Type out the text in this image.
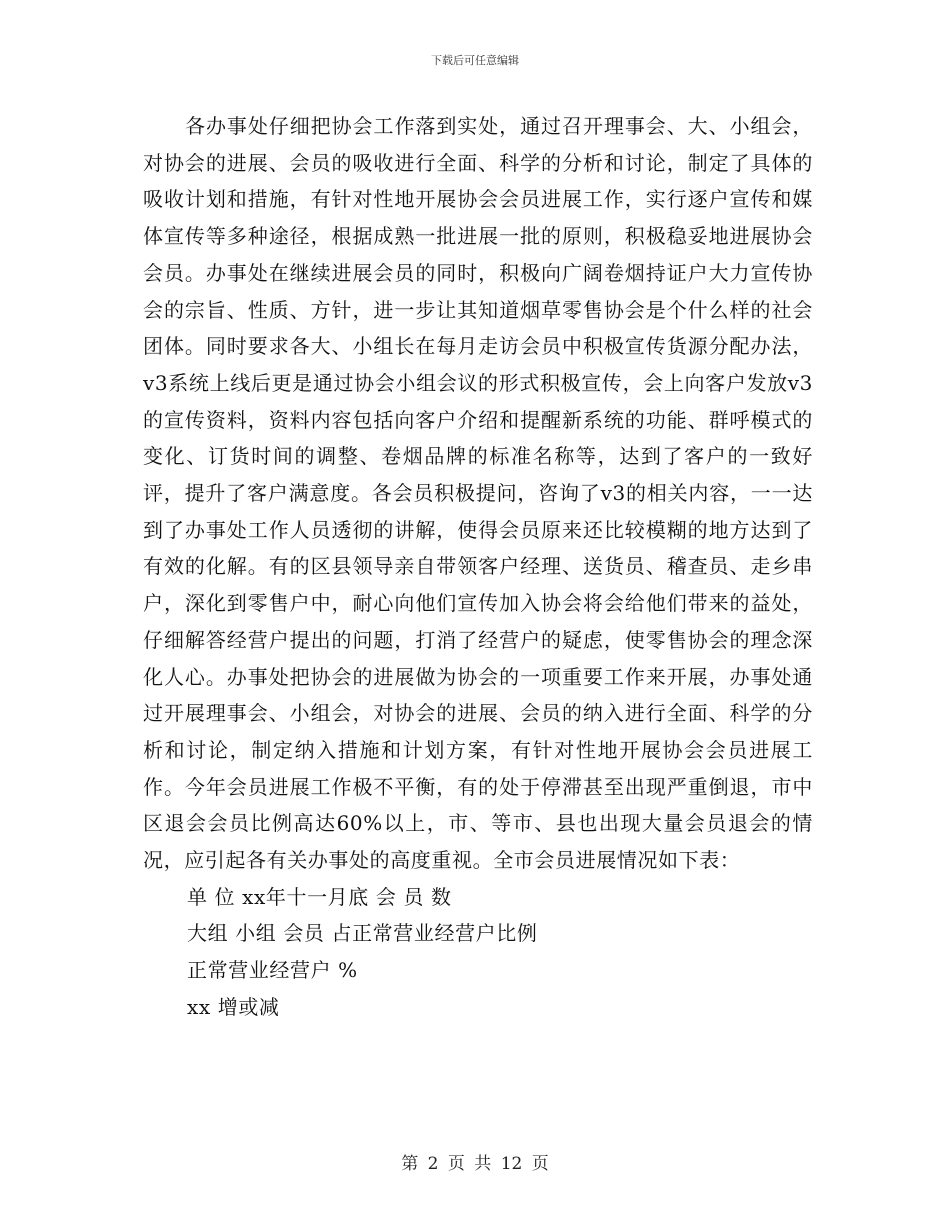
下载后可任意编辑

各办事处仔细把协会工作落到实处，通过召开理事会、大、小组会，对协会的进展、会员的吸收进行全面、科学的分析和讨论，制定了具体的吸收计划和措施，有针对性地开展协会会员进展工作，实行逐户宣传和媒体宣传等多种途径，根据成熟一批进展一批的原则，积极稳妥地进展协会会员。办事处在继续进展会员的同时，积极向广阔卷烟持证户大力宣传协会的宗旨、性质、方针，进一步让其知道烟草零售协会是个什么样的社会团体。同时要求各大、小组长在每月走访会员中积极宣传货源分配办法，v3系统上线后更是通过协会小组会议的形式积极宣传，会上向客户发放v3的宣传资料，资料内容包括向客户介绍和提醒新系统的功能、群呼模式的变化、订货时间的调整、卷烟品牌的标准名称等，达到了客户的一致好评，提升了客户满意度。各会员积极提问，咨询了v3的相关内容，一一达到了办事处工作人员透彻的讲解，使得会员原来还比较模糊的地方达到了有效的化解。有的区县领导亲自带领客户经理、送货员、稽查员、走乡串户，深化到零售户中，耐心向他们宣传加入协会将会给他们带来的益处，仔细解答经营户提出的问题，打消了经营户的疑虑，使零售协会的理念深化人心。办事处把协会的进展做为协会的一项重要工作来开展，办事处通过开展理事会、小组会，对协会的进展、会员的纳入进行全面、科学的分析和讨论，制定纳入措施和计划方案，有针对性地开展协会会员进展工作。今年会员进展工作极不平衡，有的处于停滞甚至出现严重倒退，市中区退会会员比例高达60%以上，市、等市、县也出现大量会员退会的情况，应引起各有关办事处的高度重视。全市会员进展情况如下表：

单 位 xx年十一月底 会 员 数

大组 小组 会员 占正常营业经营户比例

正常营业经营户 %

xx 增或减

第 2 页 共 12 页
